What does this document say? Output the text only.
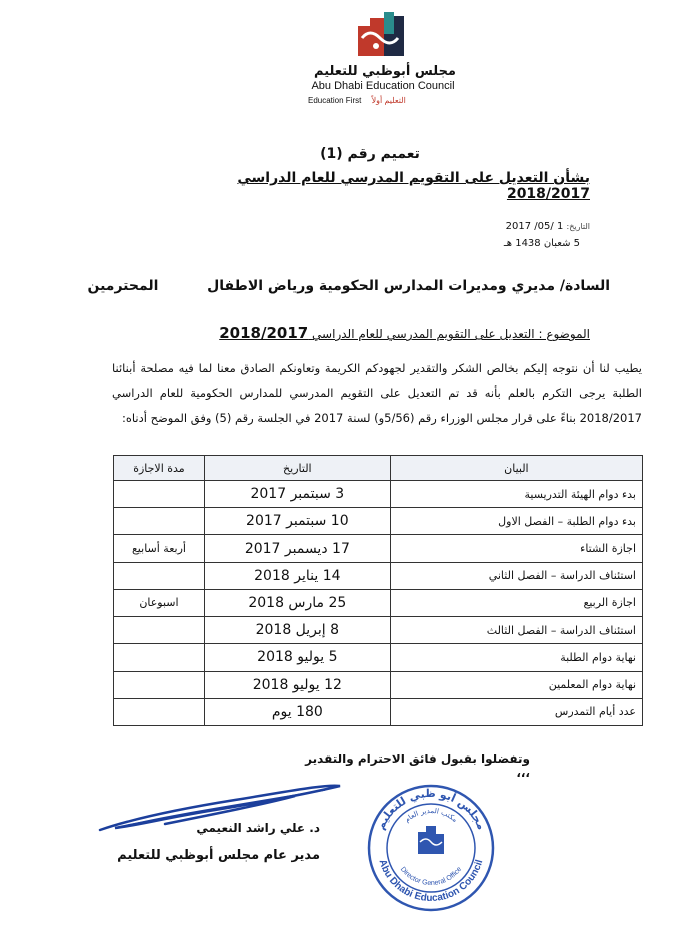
مجلس أبوظبي للتعليم
Abu Dhabi Education Council
Education First التعليم أولاً
تعميم رقم (1)
بشأن التعديل على التقويم المدرسي للعام الدراسي 2018/2017
التاريخ: 1 /05/ 2017
5 شعبان 1438 هـ
السادة/ مديري ومديرات المدارس الحكومية ورياض الاطفال          المحترمين
الموضوع : التعديل على التقويم المدرسي للعام الدراسي 2018/2017
يطيب لنا أن نتوجه إليكم بخالص الشكر والتقدير لجهودكم الكريمة وتعاونكم الصادق معنا لما فيه مصلحة أبنائنا الطلبة يرجى التكرم بالعلم بأنه قد تم التعديل على التقويم المدرسي للمدارس الحكومية للعام الدراسي 2018/2017 بناءً على قرار مجلس الوزراء رقم (5/56و) لسنة 2017 في الجلسة رقم (5) وفق الموضح أدناه:
البيان	التاريخ	مدة الاجازة
بدء دوام الهيئة التدريسية	3 سبتمبر 2017	
بدء دوام الطلبة – الفصل الاول	10 سبتمبر 2017	
اجازة الشتاء	17 ديسمبر 2017	أربعة أسابيع
استئناف الدراسة – الفصل الثاني	14 يناير 2018	
اجازة الربيع	25 مارس 2018	اسبوعان
استئناف الدراسة – الفصل الثالث	8 إبريل 2018	
نهاية دوام الطلبة	5 يوليو 2018	
نهاية دوام المعلمين	12 يوليو 2018	
عدد أيام التمدرس	180 يوم	
وتفضلوا بقبول فائق الاحترام والتقدير ،،،
د. علي راشد النعيمي
مدير عام مجلس أبوظبي للتعليم
مجلس أبو ظبي للتعليم
مكتب المدير العام
Abu Dhabi Education Council
Director General Office
